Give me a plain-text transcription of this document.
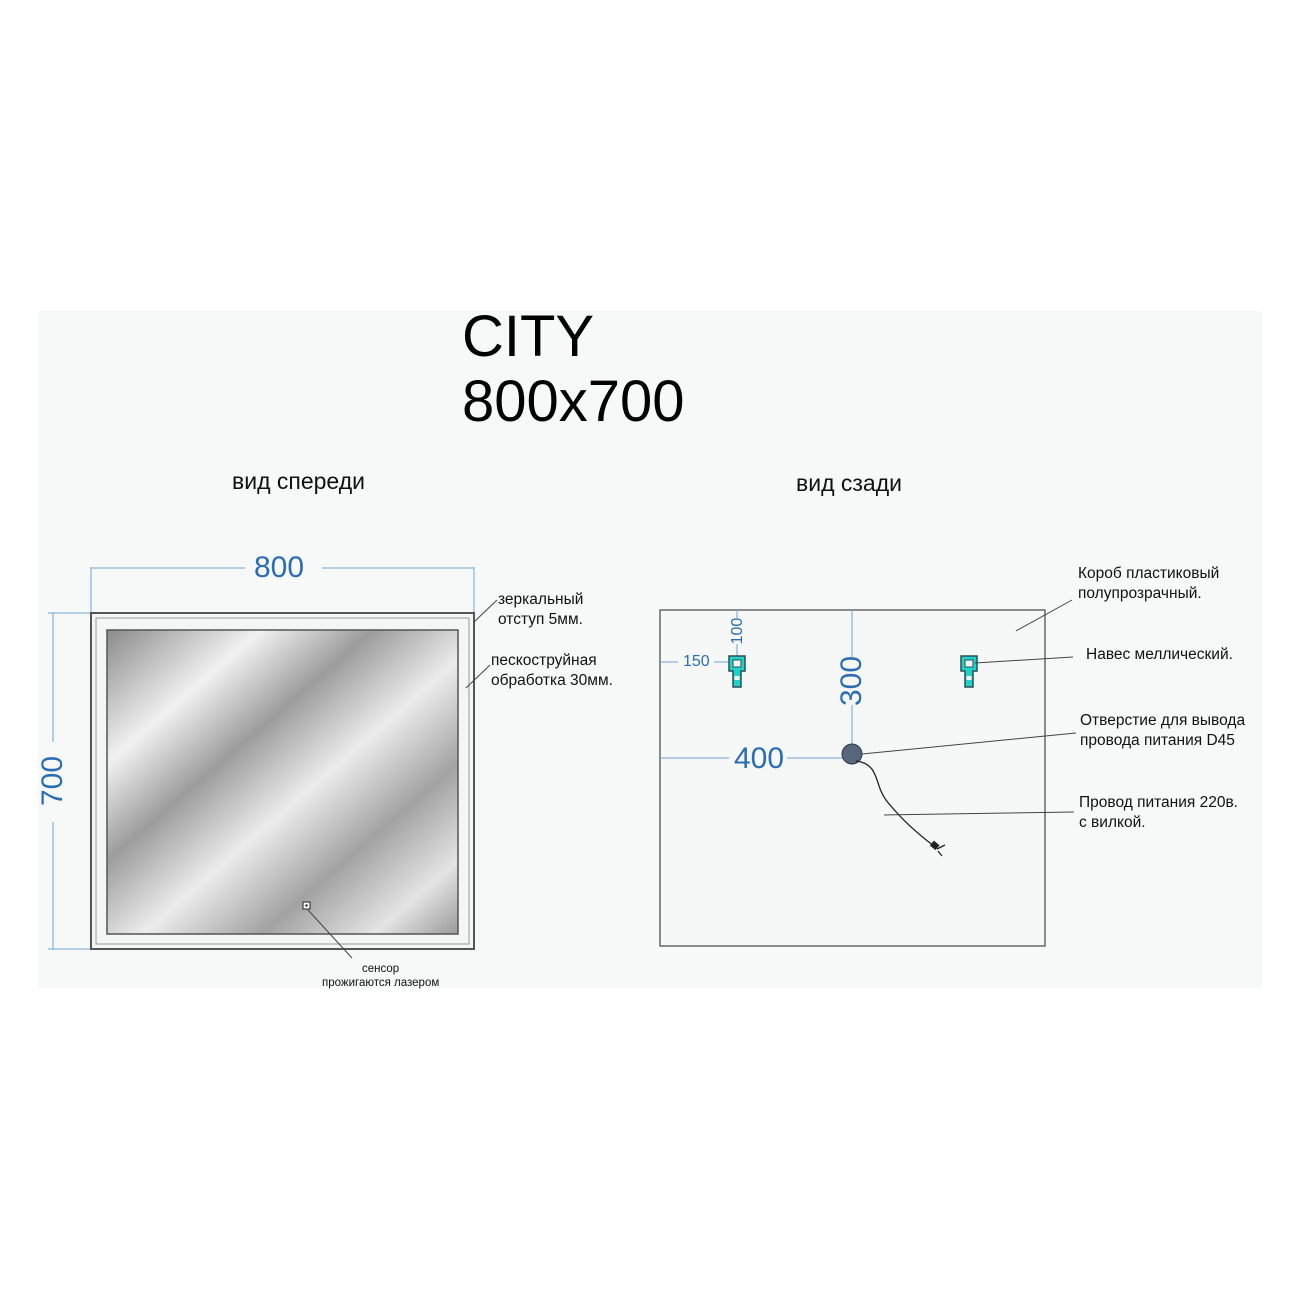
CITY
800x700
вид спереди	вид сзади
800
700
зеркальный
отступ 5мм.
пескоструйная
обработка 30мм.
сенсор
прожигаются лазером
150
100
300
400
Короб пластиковый
полупрозрачный.
Навес меллический.
Отверстие для вывода
провода питания D45
Провод питания 220в.
с вилкой.
